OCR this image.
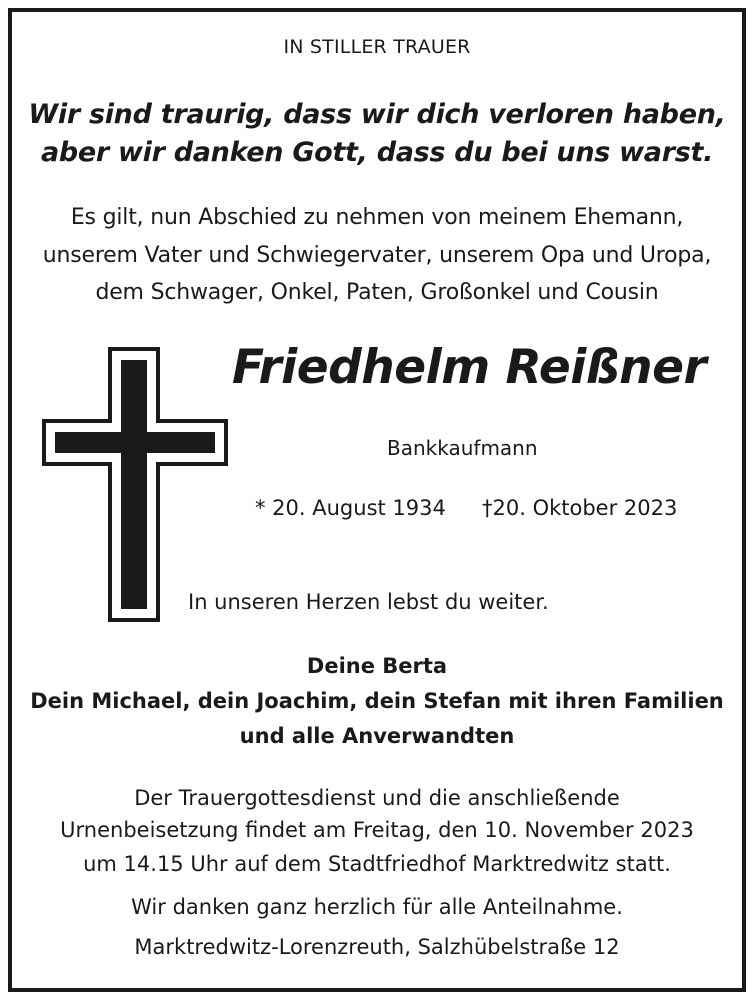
IN STILLER TRAUER
Wir sind traurig, dass wir dich verloren haben,
aber wir danken Gott, dass du bei uns warst.
Es gilt, nun Abschied zu nehmen von meinem Ehemann,
unserem Vater und Schwiegervater, unserem Opa und Uropa,
dem Schwager, Onkel, Paten, Großonkel und Cousin
Friedhelm Reißner
Bankkaufmann
* 20. August 1934 †20. Oktober 2023
In unseren Herzen lebst du weiter.
Deine Berta
Dein Michael, dein Joachim, dein Stefan mit ihren Familien
und alle Anverwandten
Der Trauergottesdienst und die anschließende
Urnenbeisetzung findet am Freitag, den 10. November 2023
um 14.15 Uhr auf dem Stadtfriedhof Marktredwitz statt.
Wir danken ganz herzlich für alle Anteilnahme.
Marktredwitz-Lorenzreuth, Salzhübelstraße 12
